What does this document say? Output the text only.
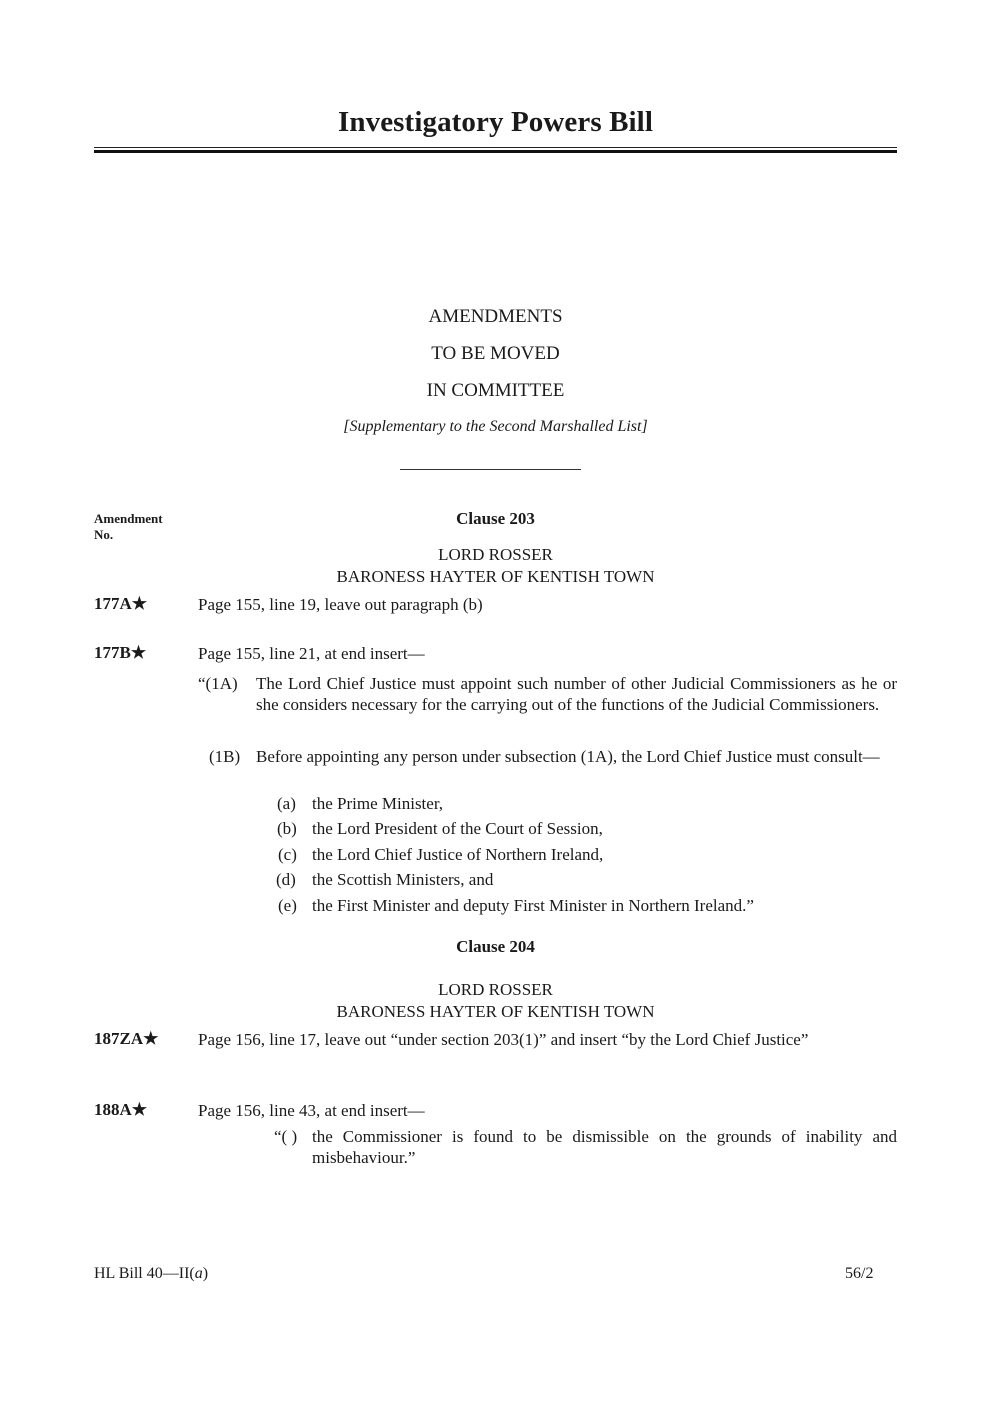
Investigatory Powers Bill
AMENDMENTS
TO BE MOVED
IN COMMITTEE
[Supplementary to the Second Marshalled List]
Amendment No.
Clause 203
LORD ROSSER
BARONESS HAYTER OF KENTISH TOWN
177A★	Page 155, line 19, leave out paragraph (b)
177B★	Page 155, line 21, at end insert—
“(1A) The Lord Chief Justice must appoint such number of other Judicial Commissioners as he or she considers necessary for the carrying out of the functions of the Judicial Commissioners.
(1B) Before appointing any person under subsection (1A), the Lord Chief Justice must consult—
(a) the Prime Minister,
(b) the Lord President of the Court of Session,
(c) the Lord Chief Justice of Northern Ireland,
(d) the Scottish Ministers, and
(e) the First Minister and deputy First Minister in Northern Ireland.”
Clause 204
LORD ROSSER
BARONESS HAYTER OF KENTISH TOWN
187ZA★ Page 156, line 17, leave out “under section 203(1)” and insert “by the Lord Chief Justice”
188A★	Page 156, line 43, at end insert—
“( ) the Commissioner is found to be dismissible on the grounds of inability and misbehaviour.”
HL Bill 40—II(a)	56/2
